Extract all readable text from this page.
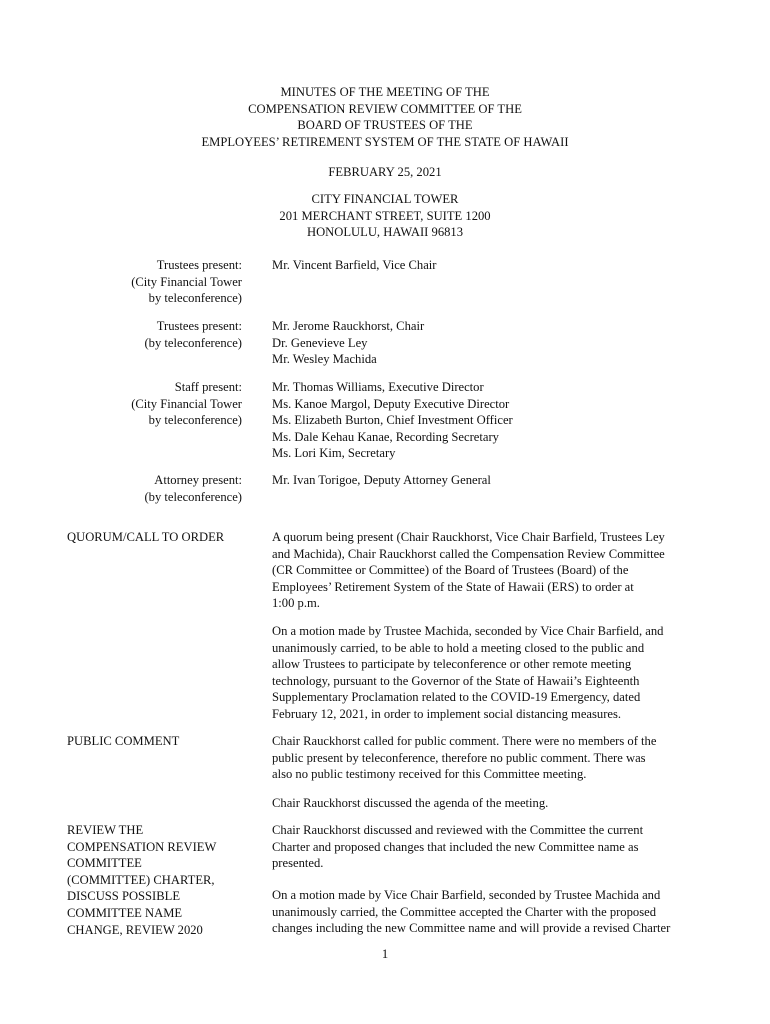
MINUTES OF THE MEETING OF THE
COMPENSATION REVIEW COMMITTEE OF THE
BOARD OF TRUSTEES OF THE
EMPLOYEES’ RETIREMENT SYSTEM OF THE STATE OF HAWAII
FEBRUARY 25, 2021
CITY FINANCIAL TOWER
201 MERCHANT STREET, SUITE 1200
HONOLULU, HAWAII 96813
Trustees present:
(City Financial Tower
by teleconference)
Mr. Vincent Barfield, Vice Chair
Trustees present:
(by teleconference)
Mr. Jerome Rauckhorst, Chair
Dr. Genevieve Ley
Mr. Wesley Machida
Staff present:
(City Financial Tower
by teleconference)
Mr. Thomas Williams, Executive Director
Ms. Kanoe Margol, Deputy Executive Director
Ms. Elizabeth Burton, Chief Investment Officer
Ms. Dale Kehau Kanae, Recording Secretary
Ms. Lori Kim, Secretary
Attorney present:
(by teleconference)
Mr. Ivan Torigoe, Deputy Attorney General
QUORUM/CALL TO ORDER	A quorum being present (Chair Rauckhorst, Vice Chair Barfield, Trustees Ley
and Machida), Chair Rauckhorst called the Compensation Review Committee
(CR Committee or Committee) of the Board of Trustees (Board) of the
Employees’ Retirement System of the State of Hawaii (ERS) to order at
1:00 p.m.
On a motion made by Trustee Machida, seconded by Vice Chair Barfield, and
unanimously carried, to be able to hold a meeting closed to the public and
allow Trustees to participate by teleconference or other remote meeting
technology, pursuant to the Governor of the State of Hawaii’s Eighteenth
Supplementary Proclamation related to the COVID-19 Emergency, dated
February 12, 2021, in order to implement social distancing measures.
PUBLIC COMMENT	Chair Rauckhorst called for public comment. There were no members of the
public present by teleconference, therefore no public comment. There was
also no public testimony received for this Committee meeting.
Chair Rauckhorst discussed the agenda of the meeting.
REVIEW THE
COMPENSATION REVIEW
COMMITTEE
(COMMITTEE) CHARTER,
DISCUSS POSSIBLE
COMMITTEE NAME
CHANGE, REVIEW 2020
Chair Rauckhorst discussed and reviewed with the Committee the current
Charter and proposed changes that included the new Committee name as
presented.
On a motion made by Vice Chair Barfield, seconded by Trustee Machida and
unanimously carried, the Committee accepted the Charter with the proposed
changes including the new Committee name and will provide a revised Charter
1
